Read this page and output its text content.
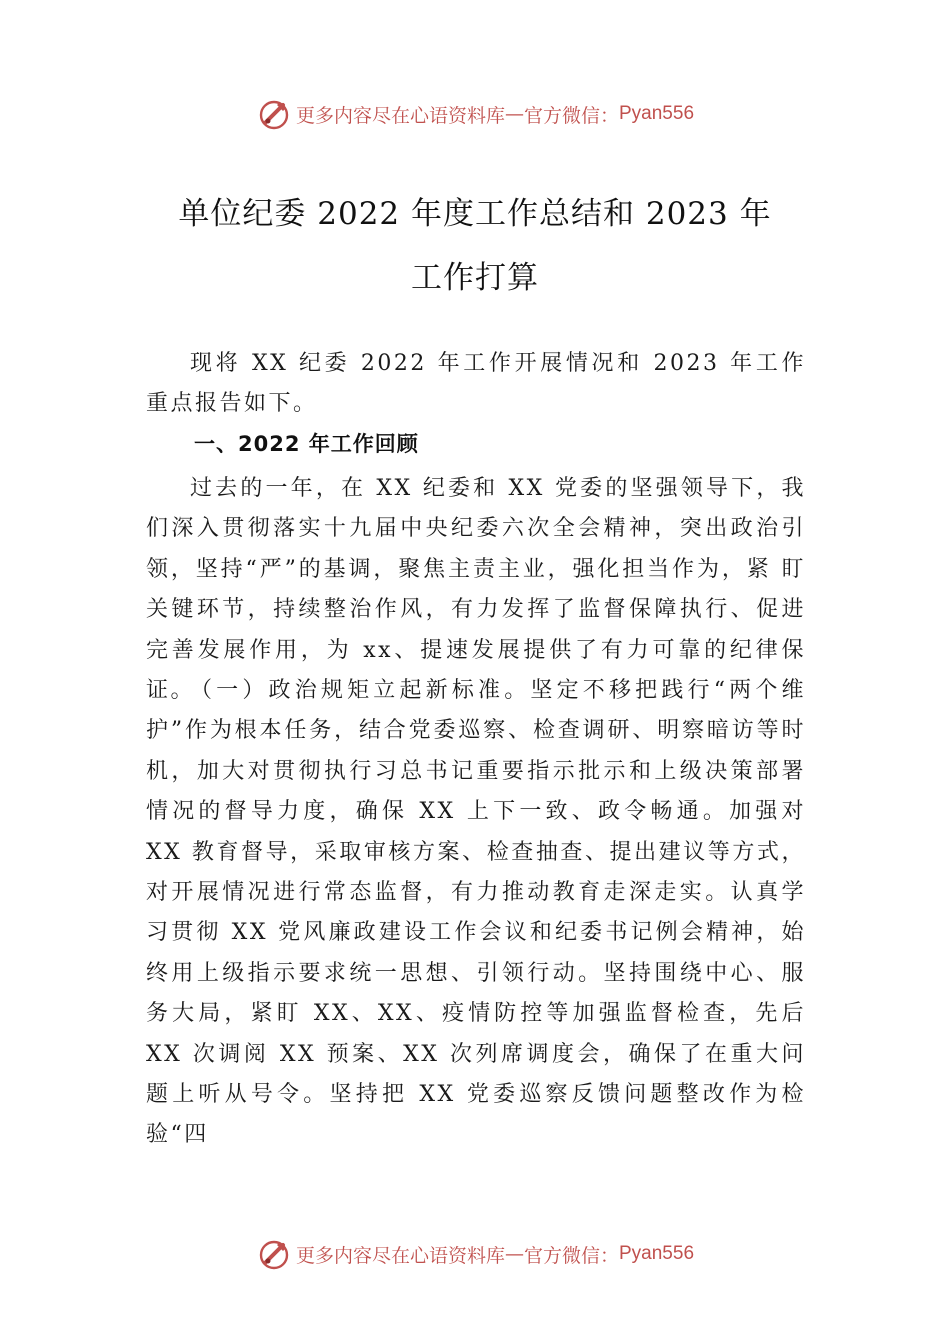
更多内容尽在心语资料库 — 官方微信： Pyan556
单位纪委 2022 年度工作总结和 2023 年
工作打算

现将 XX 纪委 2022 年工作开展情况和 2023 年工作重点报告如下。

一、2022 年工作回顾

过去的一年，在 XX 纪委和 XX 党委的坚强领导下，我们深入贯彻落实十九届中央纪委六次全会精神，突出政治引领，坚持“严”的基调，聚焦主责主业，强化担当作为，紧 盯关键环节，持续整治作风，有力发挥了监督保障执行、促进完善发展作用，为 xx、提速发展提供了有力可靠的纪律保证。

（一）政治规矩立起新标准。坚定不移把践行“两个维护”作为根本任务，结合党委巡察、检查调研、明察暗访等时机，加大对贯彻执行习总书记重要指示批示和上级决策部署情况的督导力度，确保 XX 上下一致、政令畅通。加强对 XX 教育督导，采取审核方案、检查抽查、提出建议等方式，对开展情况进行常态监督，有力推动教育走深走实。认真学习贯彻 XX 党风廉政建设工作会议和纪委书记例会精神，始终用上级指示要求统一思想、引领行动。坚持围绕中心、服 务大局，紧盯 XX、XX、疫情防控等加强监督检查，先后 XX 次调阅 XX 预案、XX 次列席调度会，确保了在重大问题上听从号令。坚持把 XX 党委巡察反馈问题整改作为检验“四

更多内容尽在心语资料库 — 官方微信： Pyan556
